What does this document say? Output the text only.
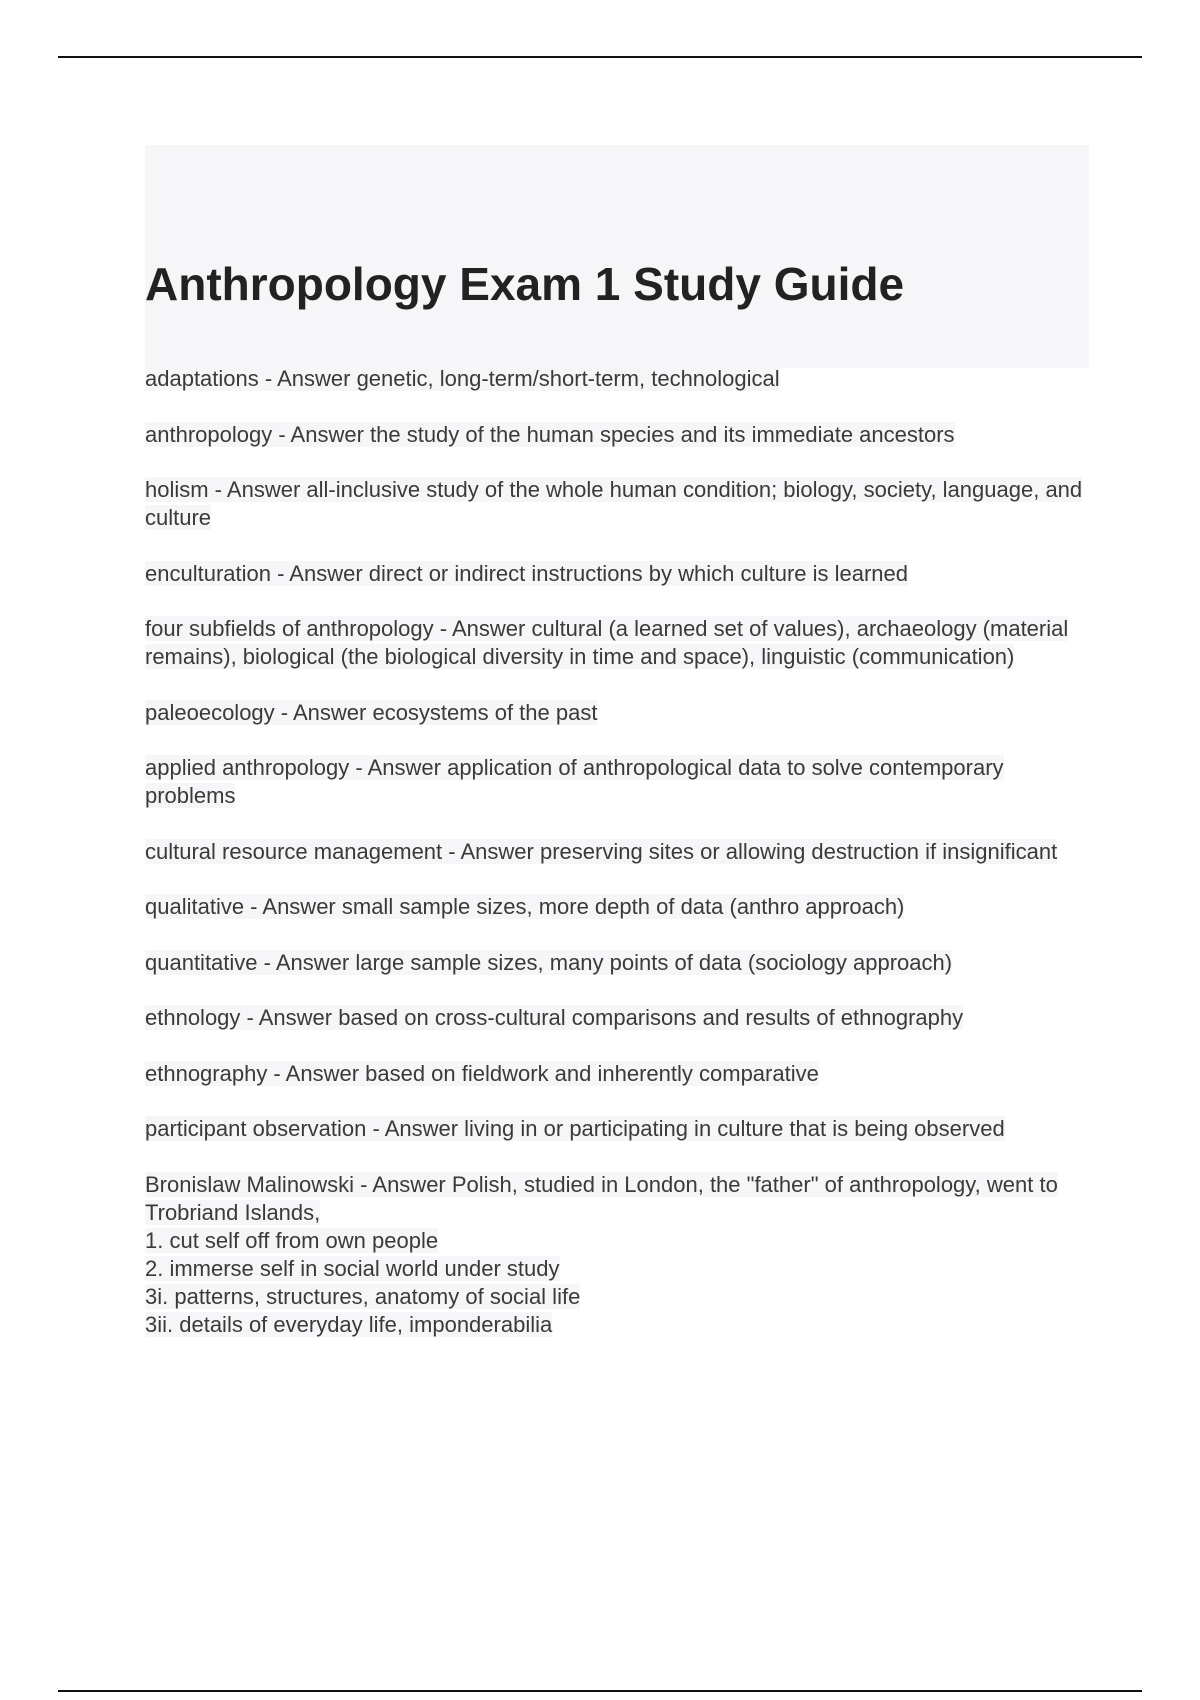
Anthropology Exam 1 Study Guide
adaptations - Answer genetic, long-term/short-term, technological
anthropology - Answer the study of the human species and its immediate ancestors
holism - Answer all-inclusive study of the whole human condition; biology, society, language, and culture
enculturation - Answer direct or indirect instructions by which culture is learned
four subfields of anthropology - Answer cultural (a learned set of values), archaeology (material remains), biological (the biological diversity in time and space), linguistic (communication)
paleoecology - Answer ecosystems of the past
applied anthropology - Answer application of anthropological data to solve contemporary problems
cultural resource management - Answer preserving sites or allowing destruction if insignificant
qualitative - Answer small sample sizes, more depth of data (anthro approach)
quantitative - Answer large sample sizes, many points of data (sociology approach)
ethnology - Answer based on cross-cultural comparisons and results of ethnography
ethnography - Answer based on fieldwork and inherently comparative
participant observation - Answer living in or participating in culture that is being observed
Bronislaw Malinowski - Answer Polish, studied in London, the "father" of anthropology, went to Trobriand Islands,
1. cut self off from own people
2. immerse self in social world under study
3i. patterns, structures, anatomy of social life
3ii. details of everyday life, imponderabilia
